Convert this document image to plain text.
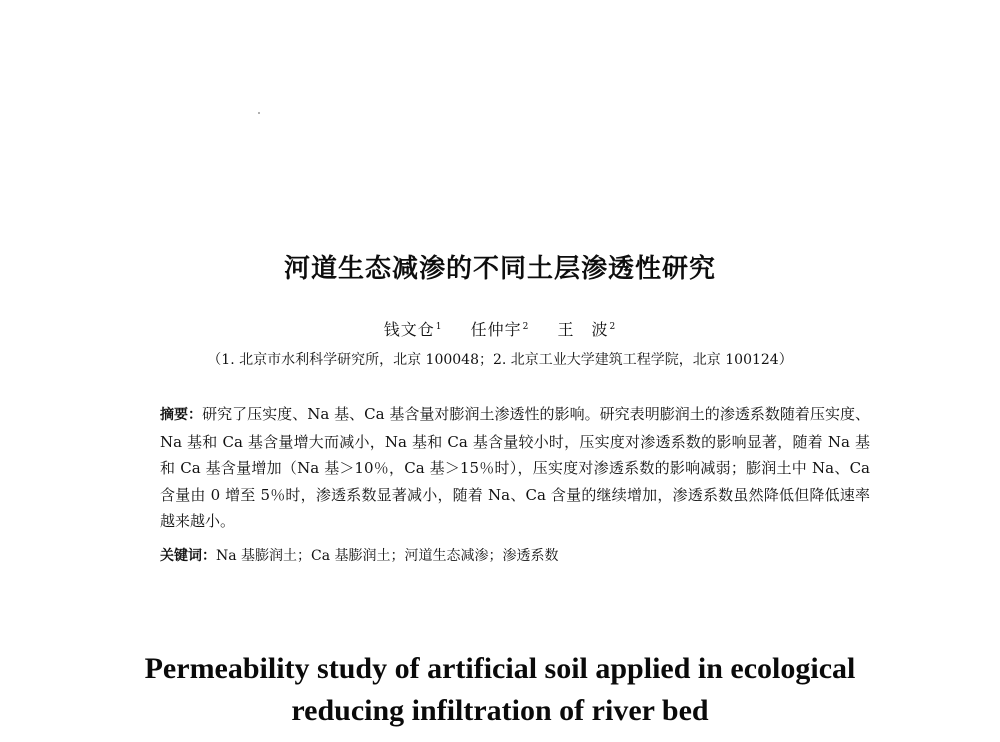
河道生态减渗的不同土层渗透性研究
钱文仓$^1$ 任仲宇$^2$ 王　波$^2$
（1. 北京市水利科学研究所，北京 100048；2. 北京工业大学建筑工程学院，北京 100124）
摘要：研究了压实度、Na 基、Ca 基含量对膨润土渗透性的影响。研究表明膨润土的渗透系数随着压实度、Na 基和 Ca 基含量增大而减小，Na 基和 Ca 基含量较小时，压实度对渗透系数的影响显著，随着 Na 基和 Ca 基含量增加（Na 基＞10％，Ca 基＞15％时），压实度对渗透系数的影响减弱；膨润土中 Na、Ca 含量由 0 增至 5％时，渗透系数显著减小，随着 Na、Ca 含量的继续增加，渗透系数虽然降低但降低速率越来越小。
关键词：Na 基膨润土；Ca 基膨润土；河道生态减渗；渗透系数
Permeability study of artificial soil applied in ecological
reducing infiltration of river bed
